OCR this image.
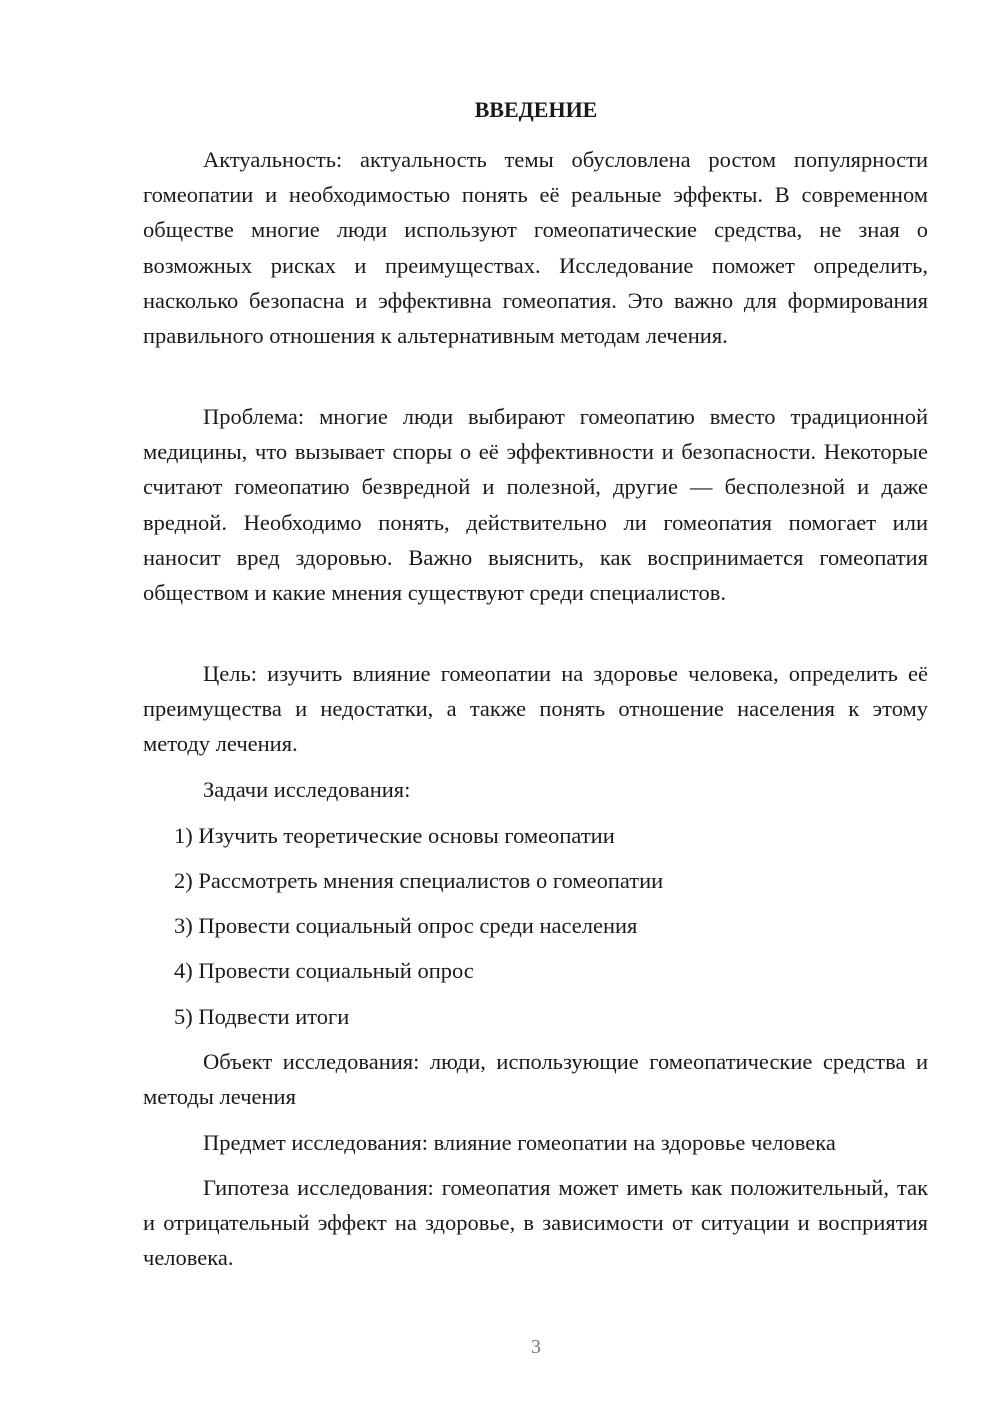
ВВЕДЕНИЕ

Актуальность: актуальность темы обусловлена ростом популярности гомеопатии и необходимостью понять её реальные эффекты. В современном обществе многие люди используют гомеопатические средства, не зная о возможных рисках и преимуществах. Исследование поможет определить, насколько безопасна и эффективна гомеопатия. Это важно для формирования правильного отношения к альтернативным методам лечения.

Проблема: многие люди выбирают гомеопатию вместо традиционной медицины, что вызывает споры о её эффективности и безопасности. Некоторые считают гомеопатию безвредной и полезной, другие — бесполезной и даже вредной. Необходимо понять, действительно ли гомеопатия помогает или наносит вред здоровью. Важно выяснить, как воспринимается гомеопатия обществом и какие мнения существуют среди специалистов.

Цель: изучить влияние гомеопатии на здоровье человека, определить её преимущества и недостатки, а также понять отношение населения к этому методу лечения.

Задачи исследования:

1) Изучить теоретические основы гомеопатии

2) Рассмотреть мнения специалистов о гомеопатии

3) Провести социальный опрос среди населения

4) Провести социальный опрос

5) Подвести итоги

Объект исследования: люди, использующие гомеопатические средства и методы лечения

Предмет исследования: влияние гомеопатии на здоровье человека

Гипотеза исследования: гомеопатия может иметь как положительный, так и отрицательный эффект на здоровье, в зависимости от ситуации и восприятия человека.

3
